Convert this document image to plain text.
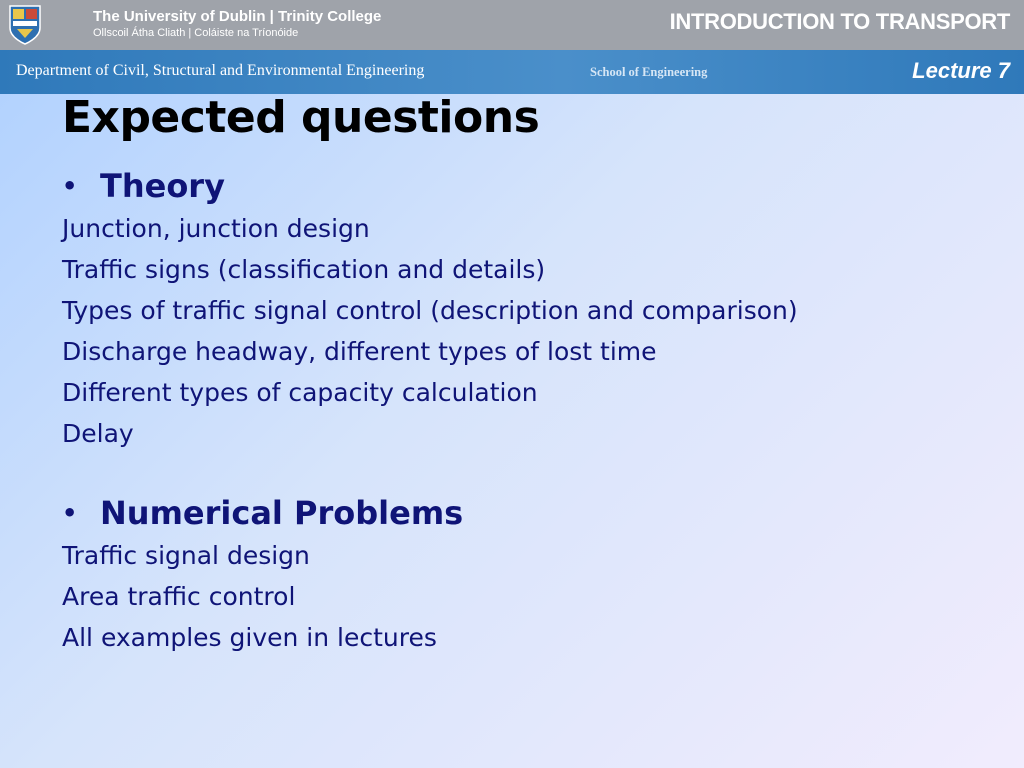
The University of Dublin | Trinity College
Ollscoil Átha Cliath | Coláiste na Tríonóide	INTRODUCTION TO TRANSPORT
Department of Civil, Structural and Environmental Engineering	School of Engineering	Lecture 7
Expected questions
• Theory
Junction, junction design
Traffic signs (classification and details)
Types of traffic signal control (description and comparison)
Discharge headway, different types of lost time
Different types of capacity calculation
Delay
• Numerical Problems
Traffic signal design
Area traffic control
All examples given in lectures
